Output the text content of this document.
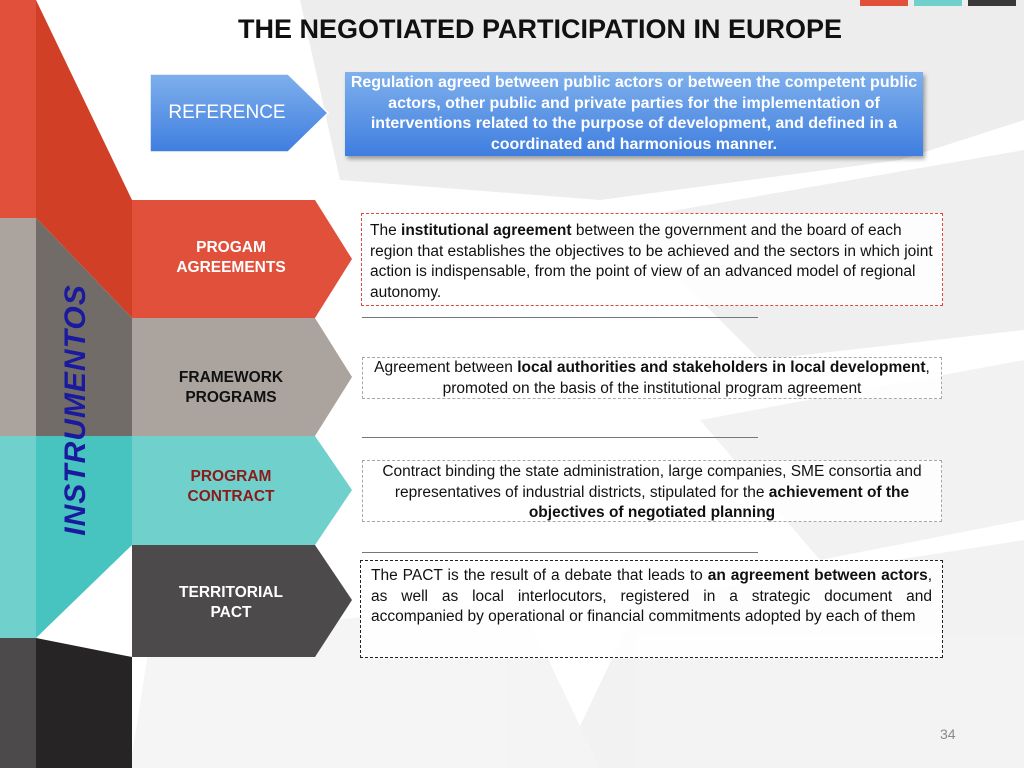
THE NEGOTIATED PARTICIPATION IN EUROPE
REFERENCE
Regulation agreed between public actors or between the competent public actors, other public and private parties for the implementation of interventions related to the purpose of development, and defined in a coordinated and harmonious manner.
INSTRUMENTOS
PROGAM
AGREEMENTS
FRAMEWORK
PROGRAMS
PROGRAM
CONTRACT
TERRITORIAL
PACT
The institutional agreement between the government and the board of each region that establishes the objectives to be achieved and the sectors in which joint action is indispensable, from the point of view of an advanced model of regional autonomy.
Agreement between local authorities and stakeholders in local development, promoted on the basis of the institutional program agreement
Contract binding the state administration, large companies, SME consortia and representatives of industrial districts, stipulated for the achievement of the objectives of negotiated planning
The PACT is the result of a debate that leads to an agreement between actors, as well as local interlocutors, registered in a strategic document and accompanied by operational or financial commitments adopted by each of them
34
